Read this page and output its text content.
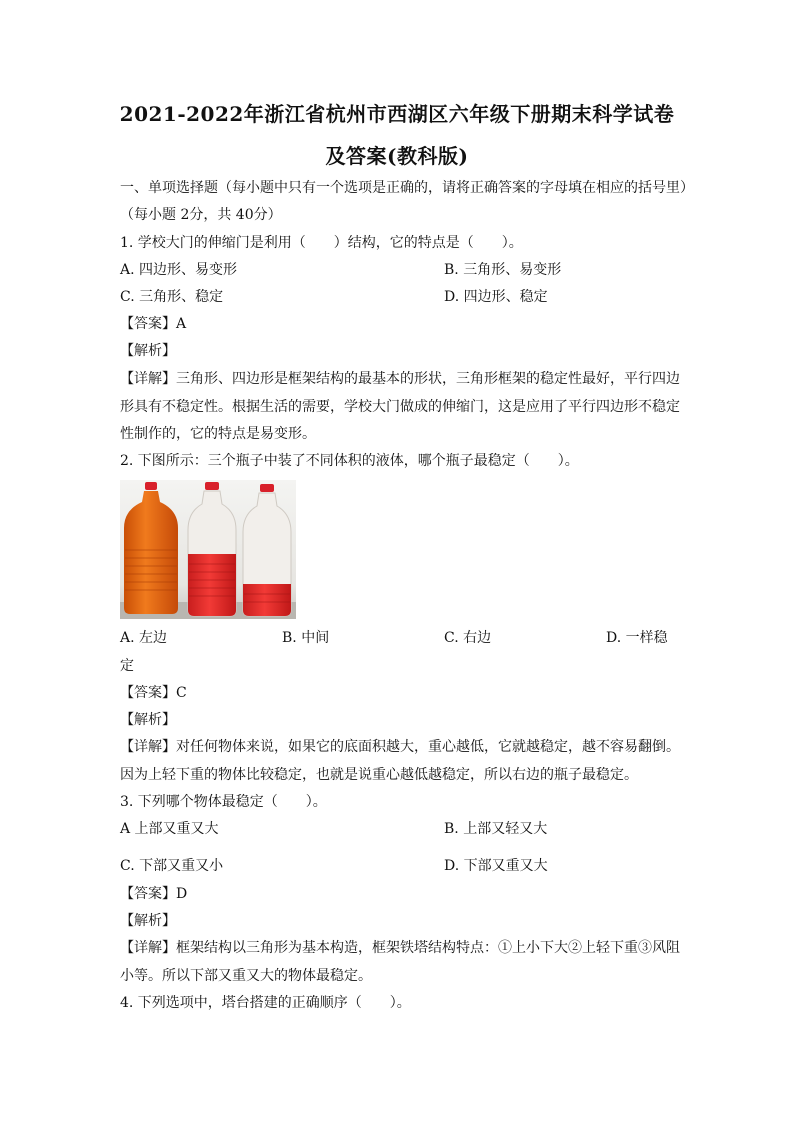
2021-2022年浙江省杭州市西湖区六年级下册期末科学试卷
及答案(教科版)
一、单项选择题（每小题中只有一个选项是正确的，请将正确答案的字母填在相应的括号里）
（每小题 2分，共 40分）
1. 学校大门的伸缩门是利用（　　）结构，它的特点是（　　）。
A. 四边形、易变形	B. 三角形、易变形
C. 三角形、稳定	D. 四边形、稳定
【答案】A
【解析】
【详解】三角形、四边形是框架结构的最基本的形状，三角形框架的稳定性最好，平行四边
形具有不稳定性。根据生活的需要，学校大门做成的伸缩门，这是应用了平行四边形不稳定
性制作的，它的特点是易变形。
2. 下图所示：三个瓶子中装了不同体积的液体，哪个瓶子最稳定（　　）。
A. 左边	B. 中间	C. 右边	D. 一样稳
定
【答案】C
【解析】
【详解】对任何物体来说，如果它的底面积越大，重心越低，它就越稳定，越不容易翻倒。
因为上轻下重的物体比较稳定，也就是说重心越低越稳定，所以右边的瓶子最稳定。
3. 下列哪个物体最稳定（　　）。
A 上部又重又大	B. 上部又轻又大
C. 下部又重又小	D. 下部又重又大
【答案】D
【解析】
【详解】框架结构以三角形为基本构造，框架铁塔结构特点：①上小下大②上轻下重③风阻
小等。所以下部又重又大的物体最稳定。
4. 下列选项中，塔台搭建的正确顺序（　　）。
